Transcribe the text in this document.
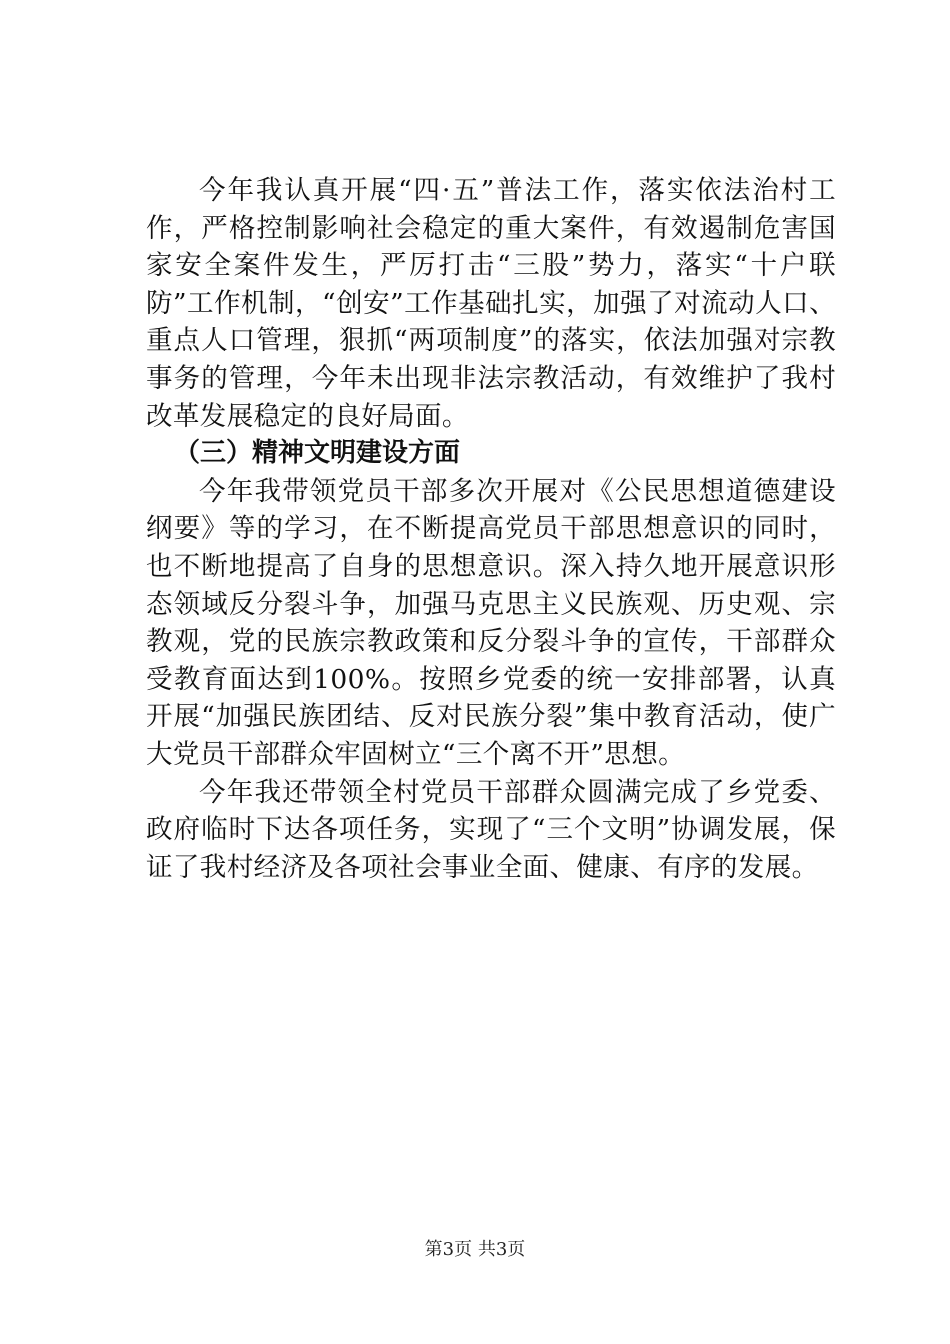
今年我认真开展“四·五”普法工作，落实依法治村工作，严格控制影响社会稳定的重大案件，有效遏制危害国家安全案件发生，严厉打击“三股”势力，落实“十户联防”工作机制，“创安”工作基础扎实，加强了对流动人口、重点人口管理，狠抓“两项制度”的落实，依法加强对宗教事务的管理，今年未出现非法宗教活动，有效维护了我村改革发展稳定的良好局面。

（三）精神文明建设方面

今年我带领党员干部多次开展对《公民思想道德建设纲要》等的学习，在不断提高党员干部思想意识的同时，也不断地提高了自身的思想意识。深入持久地开展意识形态领域反分裂斗争，加强马克思主义民族观、历史观、宗教观，党的民族宗教政策和反分裂斗争的宣传，干部群众受教育面达到100%。按照乡党委的统一安排部署，认真开展“加强民族团结、反对民族分裂”集中教育活动，使广大党员干部群众牢固树立“三个离不开”思想。

今年我还带领全村党员干部群众圆满完成了乡党委、政府临时下达各项任务，实现了“三个文明”协调发展，保证了我村经济及各项社会事业全面、健康、有序的发展。

第3页 共3页
